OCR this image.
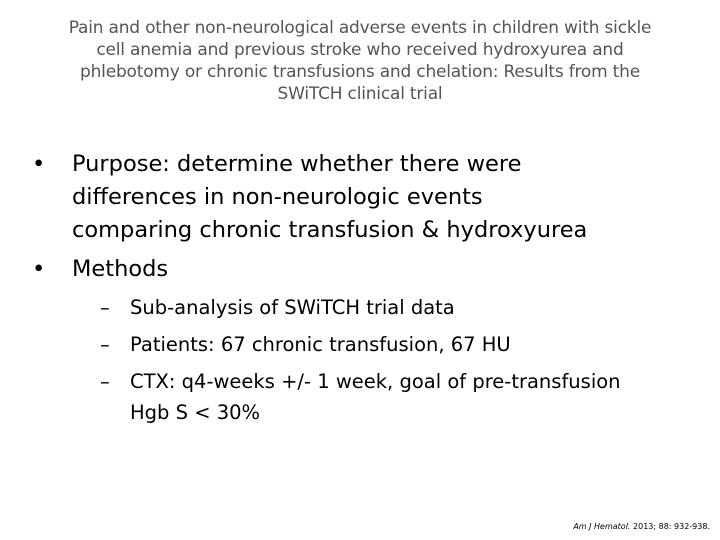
Pain and other non-neurological adverse events in children with sickle
cell anemia and previous stroke who received hydroxyurea and
phlebotomy or chronic transfusions and chelation: Results from the
SWiTCH clinical trial
• Purpose: determine whether there were
differences in non-neurologic events
comparing chronic transfusion & hydroxyurea
• Methods
– Sub-analysis of SWiTCH trial data
– Patients: 67 chronic transfusion, 67 HU
– CTX: q4-weeks +/- 1 week, goal of pre-transfusion
Hgb S < 30%
Am J Hematol. 2013; 88: 932-938.
